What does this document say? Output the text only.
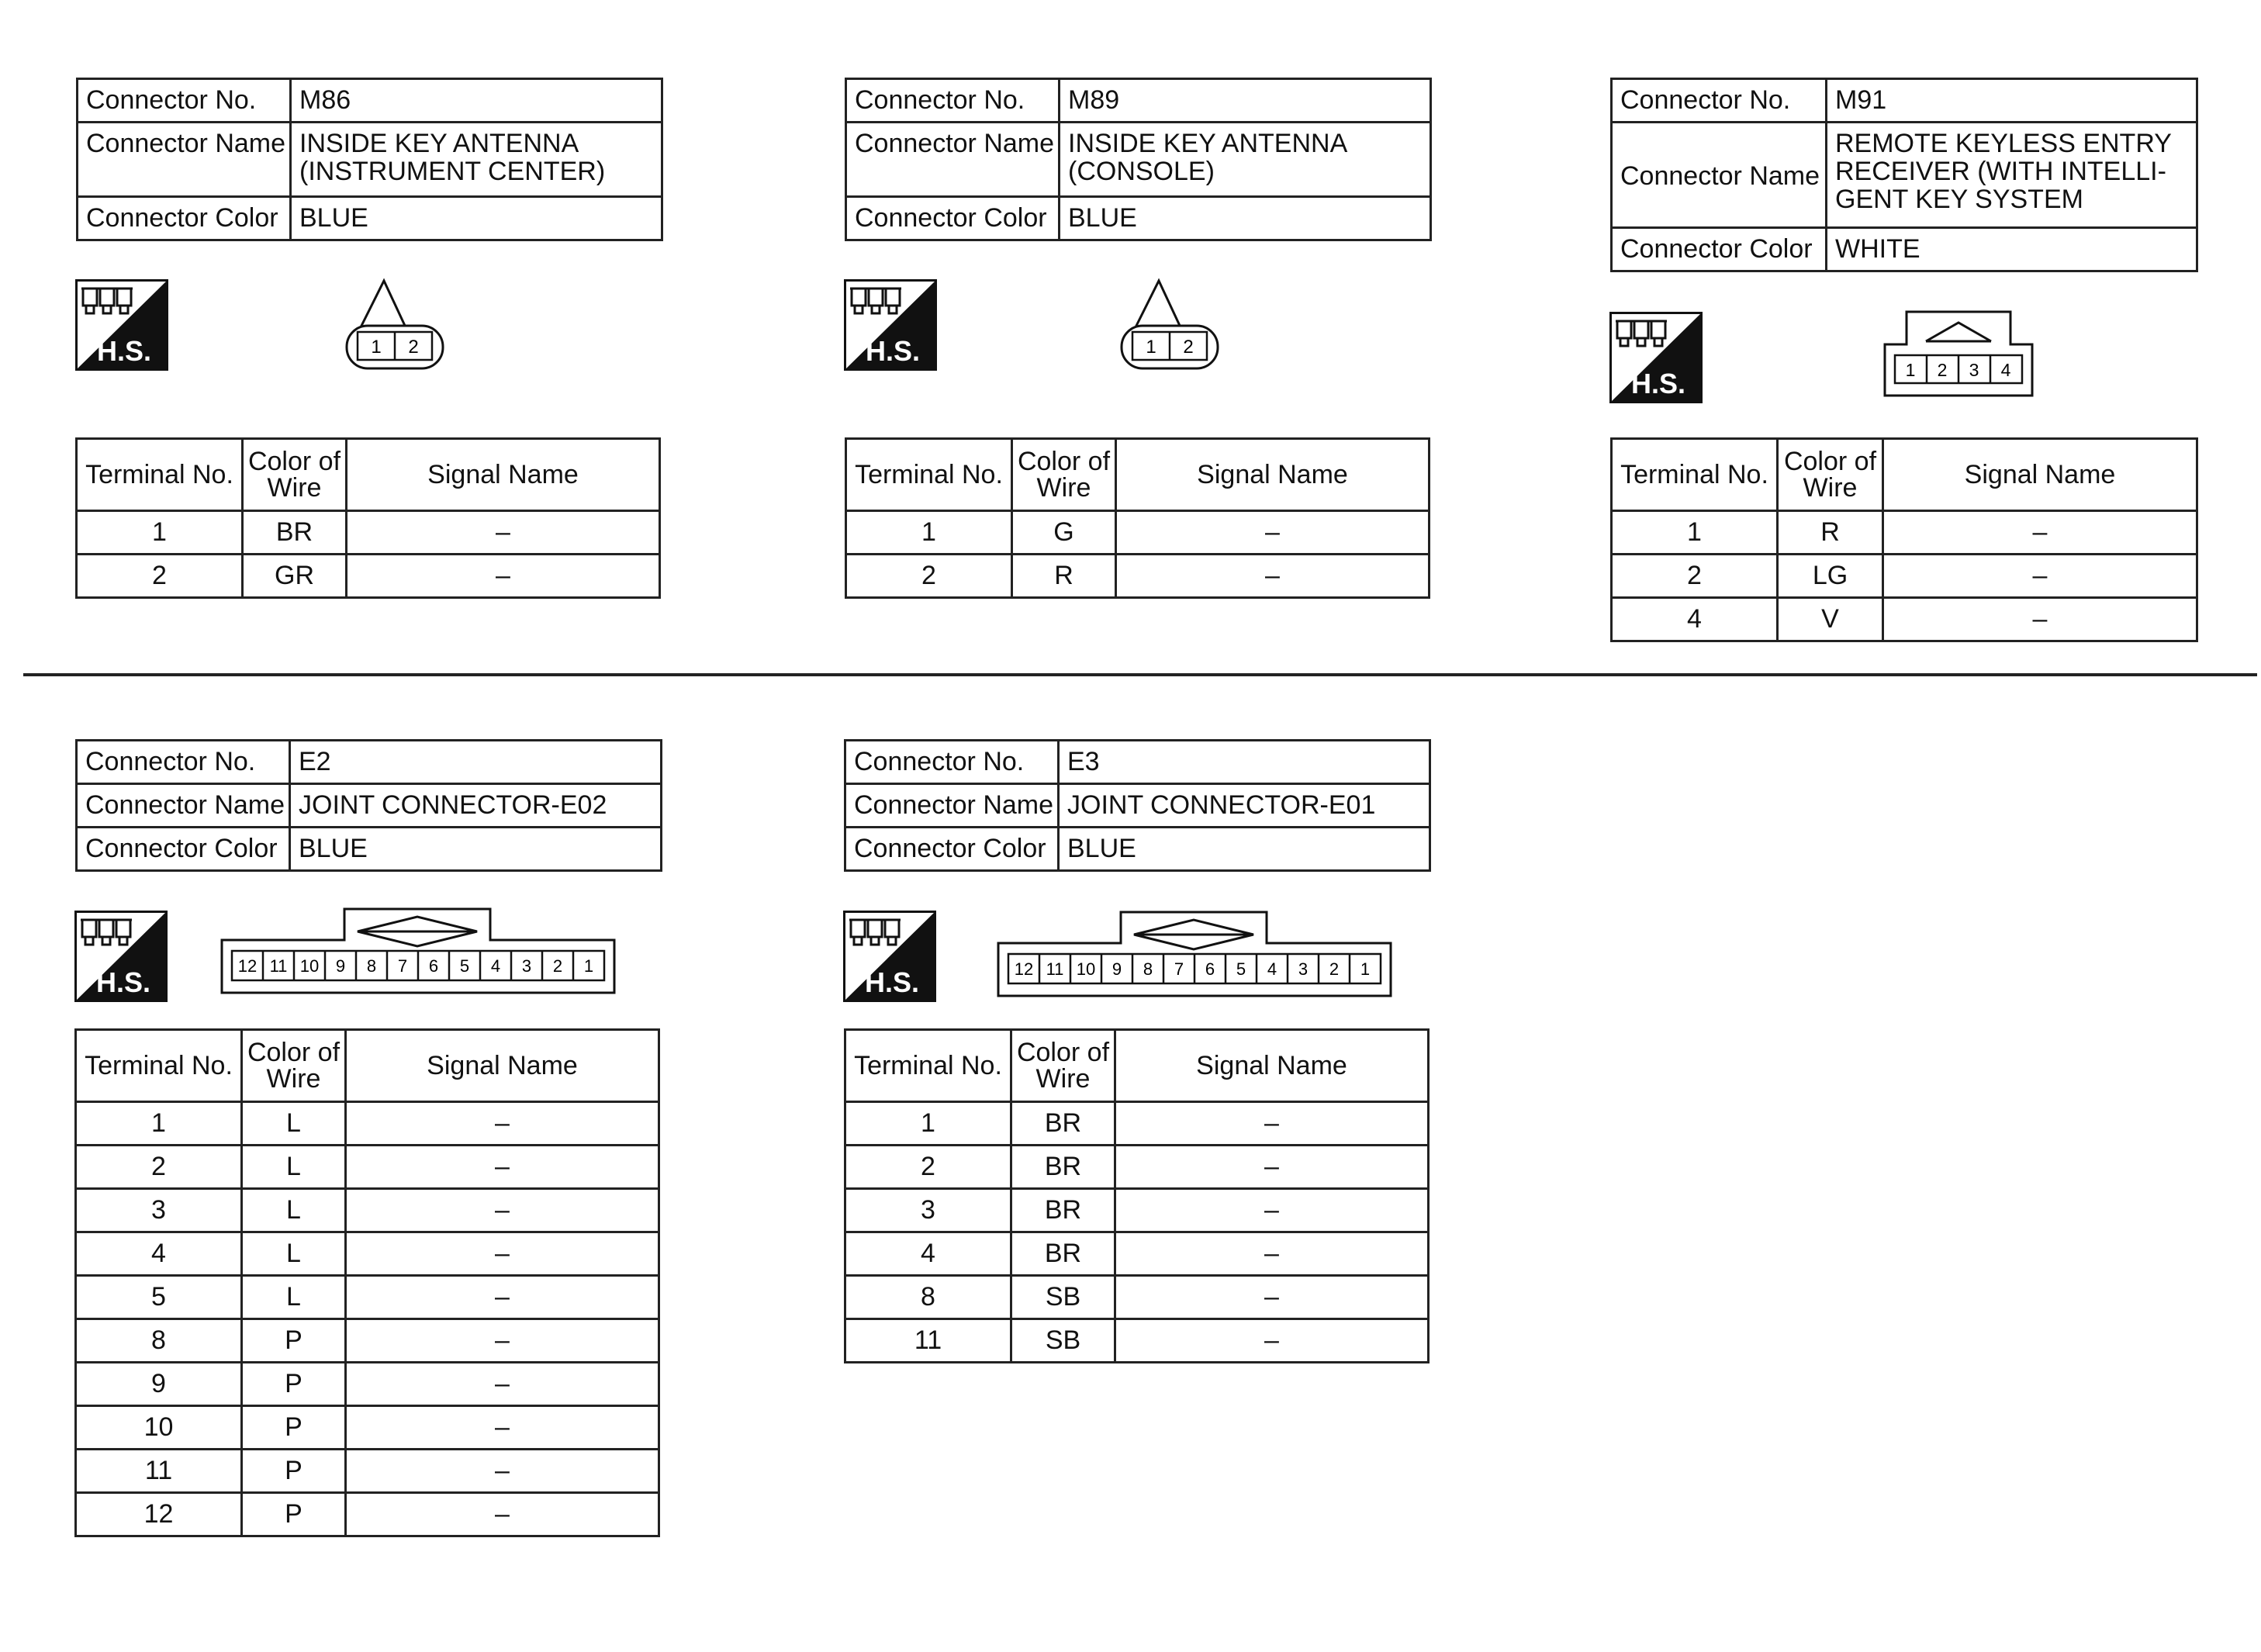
Connector No.	M86
Connector Name	INSIDE KEY ANTENNA
(INSTRUMENT CENTER)
Connector Color	BLUE
H.S.	1 2
Terminal No.	Color of Wire	Signal Name
1	BR	–
2	GR	–
Connector No.	M89
Connector Name	INSIDE KEY ANTENNA
(CONSOLE)
Connector Color	BLUE
H.S.	1 2
Terminal No.	Color of Wire	Signal Name
1	G	–
2	R	–
Connector No.	M91
Connector Name	REMOTE KEYLESS ENTRY
RECEIVER (WITH INTELLI-
GENT KEY SYSTEM
Connector Color	WHITE
H.S.	1 2 3 4
Terminal No.	Color of Wire	Signal Name
1	R	–
2	LG	–
4	V	–
Connector No.	E2
Connector Name	JOINT CONNECTOR-E02
Connector Color	BLUE
H.S.
12 11 10 9 8 7 6 5 4 3 2 1
Terminal No.	Color of Wire	Signal Name
1	L	–
2	L	–
3	L	–
4	L	–
5	L	–
8	P	–
9	P	–
10	P	–
11	P	–
12	P	–
Connector No.	E3
Connector Name	JOINT CONNECTOR-E01
Connector Color	BLUE
H.S.	12 11 10 9 8 7 6 5 4 3 2 1
Terminal No.	Color of Wire	Signal Name
1	BR	–
2	BR	–
3	BR	–
4	BR	–
8	SB	–
11	SB	–
